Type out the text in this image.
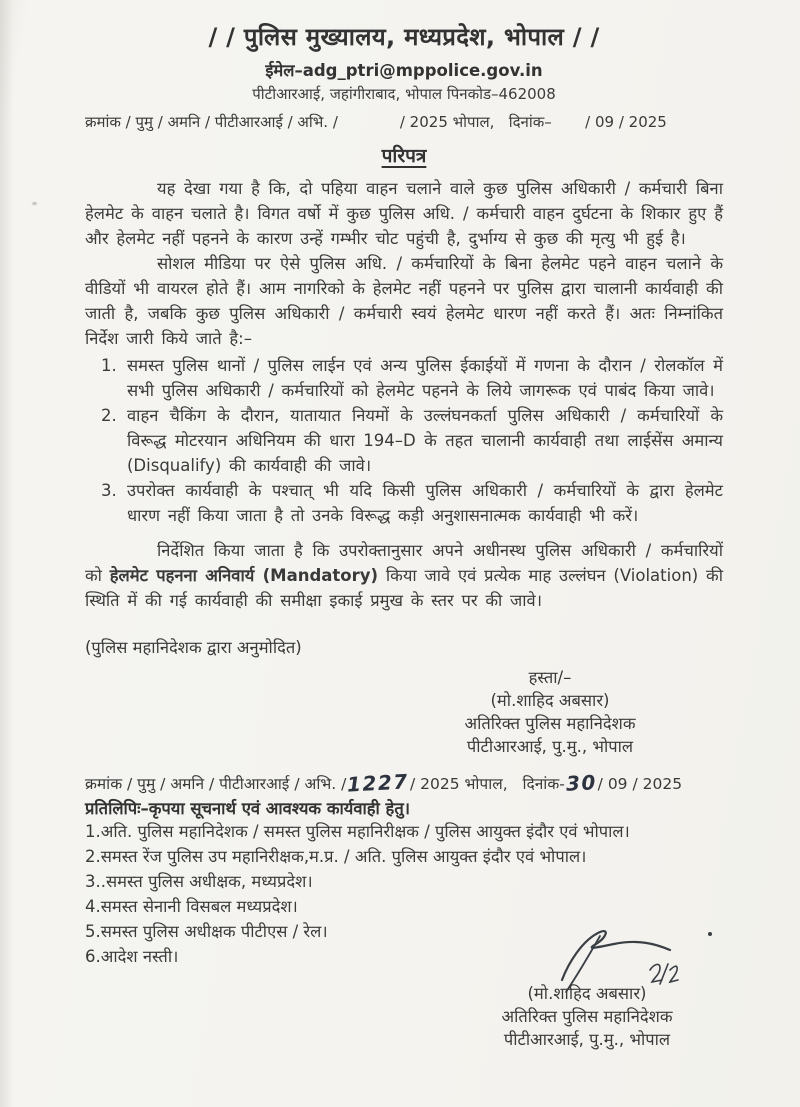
/ / पुलिस मुख्यालय, मध्यप्रदेश, भोपाल / /
ईमेल–adg_ptri@mppolice.gov.in
पीटीआरआई, जहांगीराबाद, भोपाल पिनकोड–462008
क्रमांक / पुमु / अमनि / पीटीआरआई / अभि. /             / 2025 भोपाल,   दिनांक–       / 09 / 2025
परिपत्र

यह देखा गया है कि, दो पहिया वाहन चलाने वाले कुछ पुलिस अधिकारी / कर्मचारी बिना हेलमेट के वाहन चलाते है। विगत वर्षो में कुछ पुलिस अधि. / कर्मचारी वाहन दुर्घटना के शिकार हुए हैं और हेलमेट नहीं पहनने के कारण उन्हें गम्भीर चोट पहुंची है, दुर्भाग्य से कुछ की मृत्यु भी हुई है।

सोशल मीडिया पर ऐसे पुलिस अधि. / कर्मचारियों के बिना हेलमेट पहने वाहन चलाने के वीडियों भी वायरल होते हैं। आम नागरिको के हेलमेट नहीं पहनने पर पुलिस द्वारा चालानी कार्यवाही की जाती है, जबकि कुछ पुलिस अधिकारी / कर्मचारी स्वयं हेलमेट धारण नहीं करते हैं। अतः निम्नांकित निर्देश जारी किये जाते है:–

1. समस्त पुलिस थानों / पुलिस लाईन एवं अन्य पुलिस ईकाईयों में गणना के दौरान / रोलकॉल में सभी पुलिस अधिकारी / कर्मचारियों को हेलमेट पहनने के लिये जागरूक एवं पाबंद किया जावे।
2. वाहन चैकिंग के दौरान, यातायात नियमों के उल्लंघनकर्ता पुलिस अधिकारी / कर्मचारियों के विरूद्ध मोटरयान अधिनियम की धारा 194–D के तहत चालानी कार्यवाही तथा लाईसेंस अमान्य (Disqualify) की कार्यवाही की जावे।
3. उपरोक्त कार्यवाही के पश्चात् भी यदि किसी पुलिस अधिकारी / कर्मचारियों के द्वारा हेलमेट धारण नहीं किया जाता है तो उनके विरूद्ध कड़ी अनुशासनात्मक कार्यवाही भी करें।

निर्देशित किया जाता है कि उपरोक्तानुसार अपने अधीनस्थ पुलिस अधिकारी / कर्मचारियों को हेलमेट पहनना अनिवार्य (Mandatory) किया जावे एवं प्रत्येक माह उल्लंघन (Violation) की स्थिति में की गई कार्यवाही की समीक्षा इकाई प्रमुख के स्तर पर की जावे।

(पुलिस महानिदेशक द्वारा अनुमोदित)
हस्ता/–
(मो.शाहिद अबसार)
अतिरिक्त पुलिस महानिदेशक
पीटीआरआई, पु.मु., भोपाल
क्रमांक / पुमु / अमनि / पीटीआरआई / अभि. /1227/ 2025 भोपाल,   दिनांक-30/ 09 / 2025
प्रतिलिपिः–कृपया सूचनार्थ एवं आवश्यक कार्यवाही हेतु।
1.अति. पुलिस महानिदेशक / समस्त पुलिस महानिरीक्षक / पुलिस आयुक्त इंदौर एवं भोपाल।
2.समस्त रेंज पुलिस उप महानिरीक्षक,म.प्र. / अति. पुलिस आयुक्त इंदौर एवं भोपाल।
3..समस्त पुलिस अधीक्षक, मध्यप्रदेश।
4.समस्त सेनानी विसबल मध्यप्रदेश।
5.समस्त पुलिस अधीक्षक पीटीएस / रेल।
6.आदेश नस्ती।
(मो.शाहिद अबसार)
अतिरिक्त पुलिस महानिदेशक
पीटीआरआई, पु.मु., भोपाल
